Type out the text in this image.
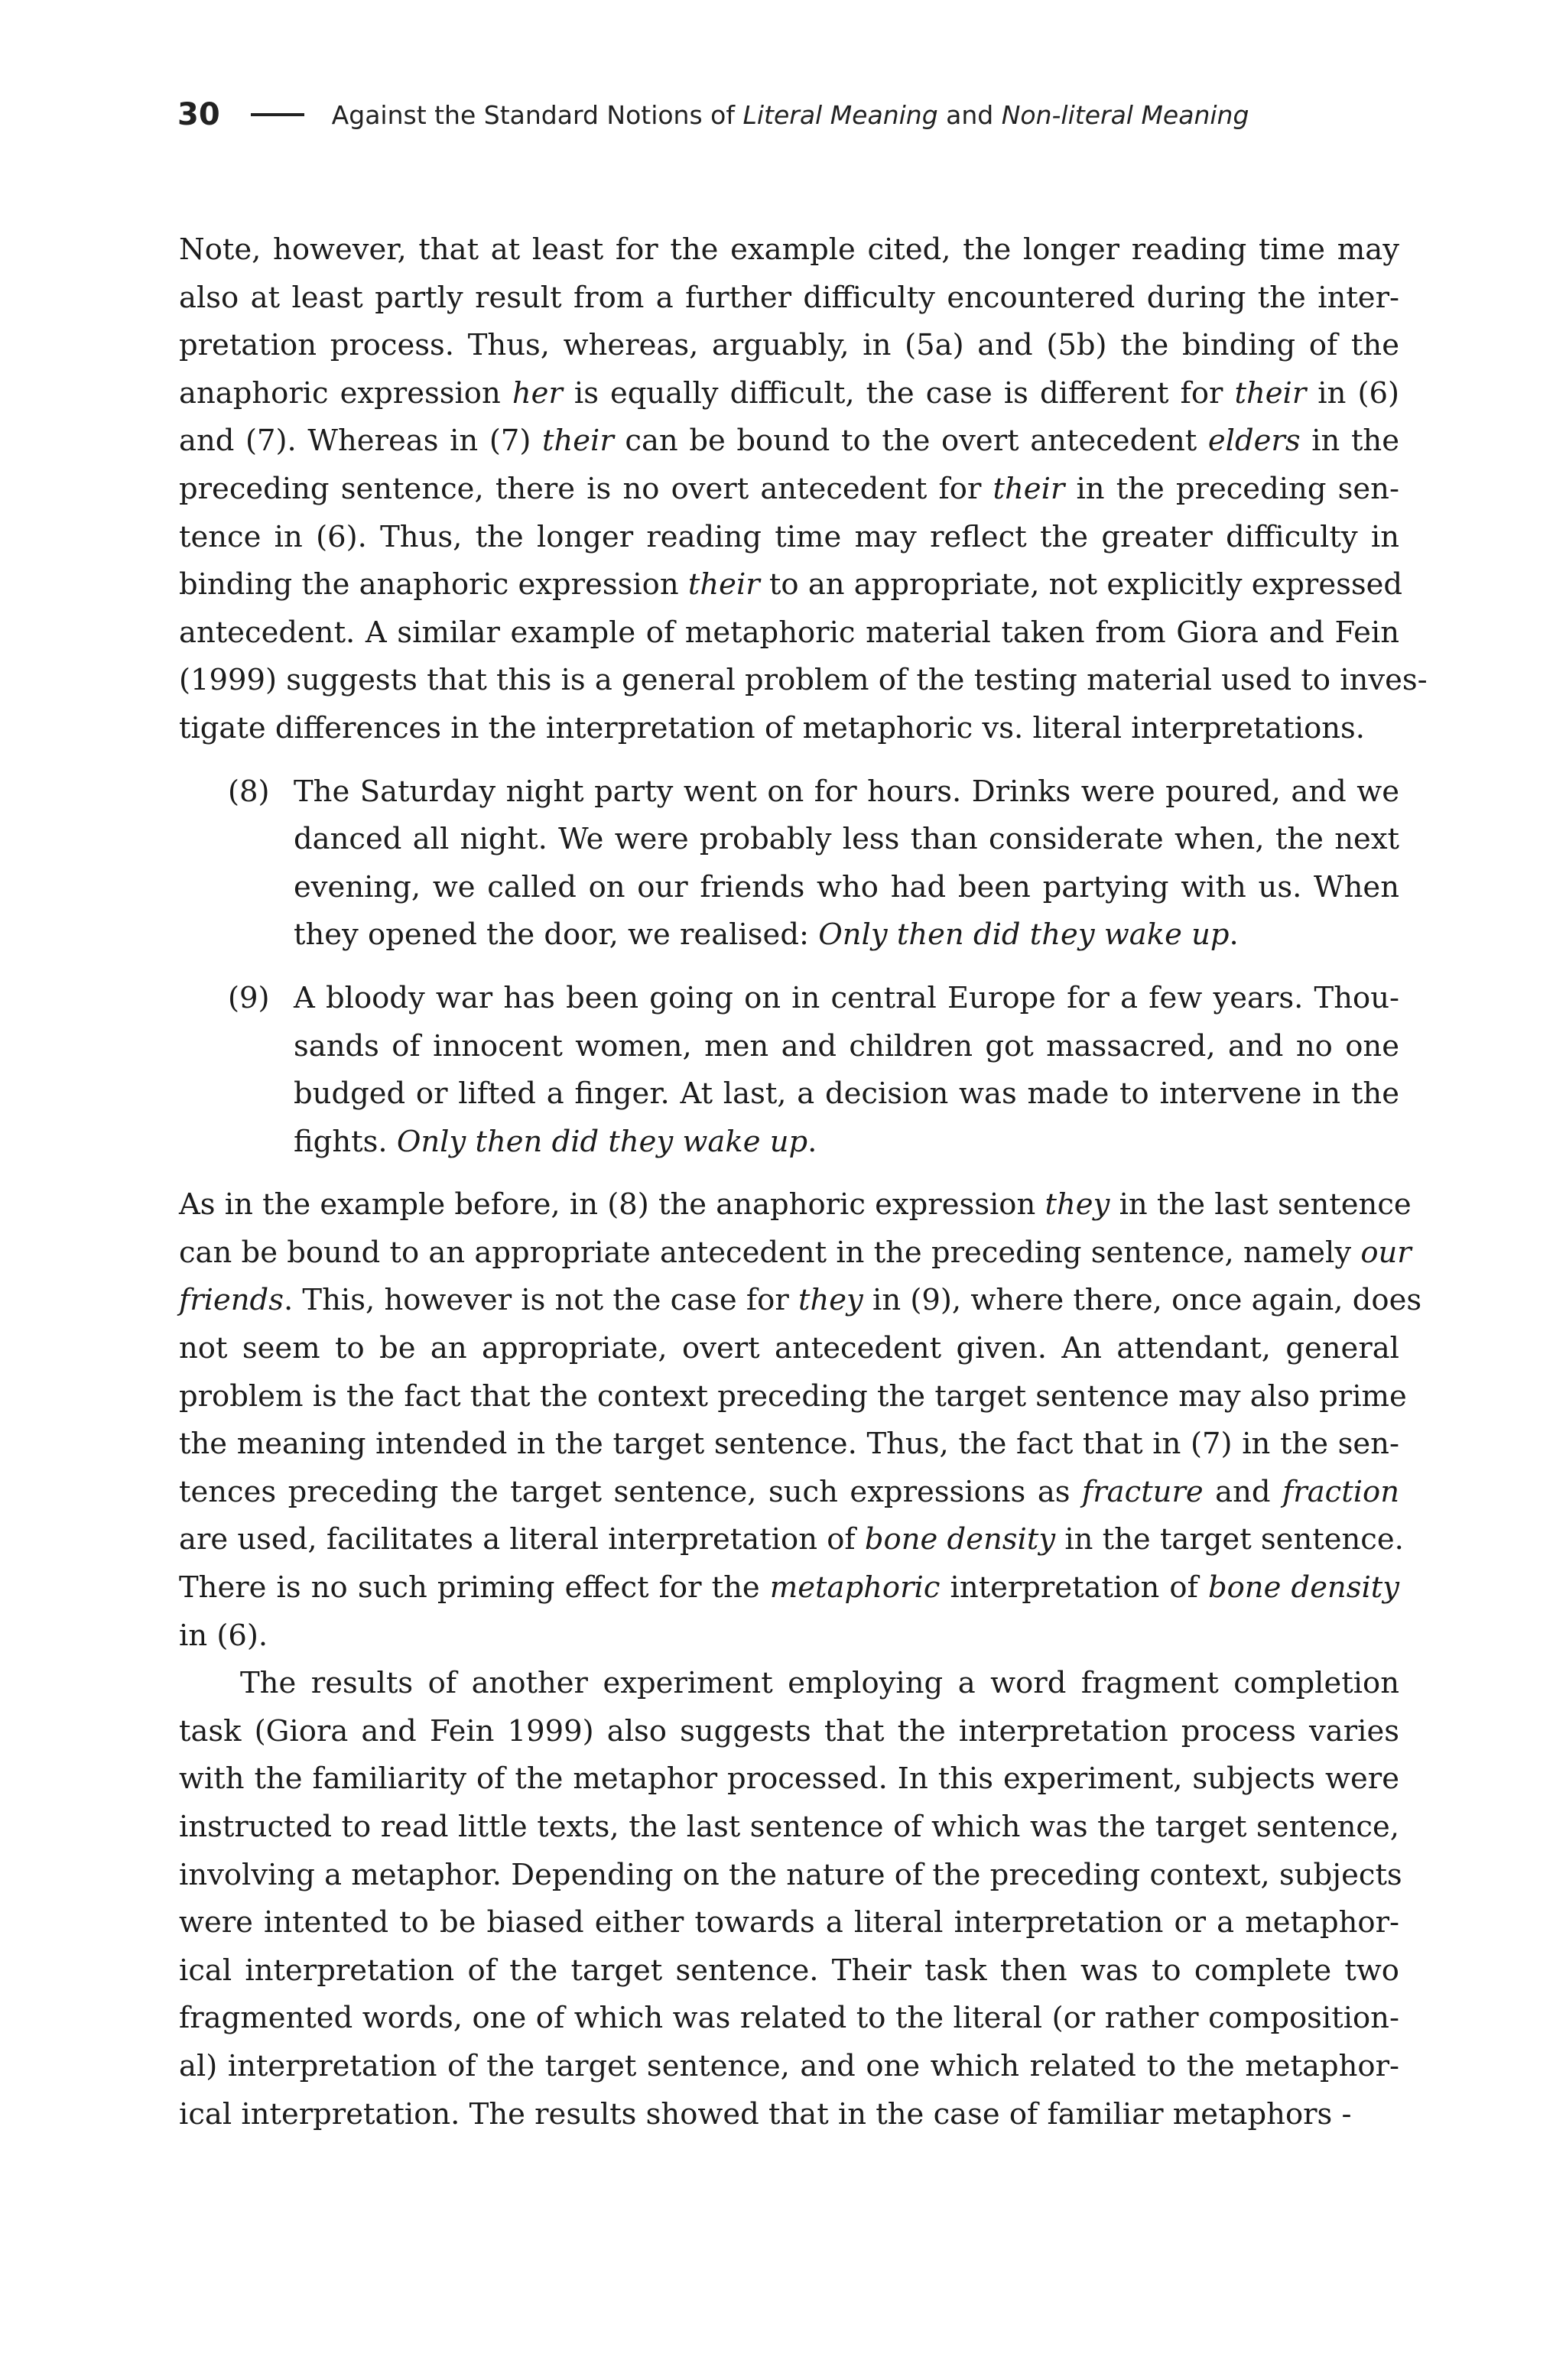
30	Against the Standard Notions of Literal Meaning and Non-literal Meaning
Note, however, that at least for the example cited, the longer reading time may
also at least partly result from a further difficulty encountered during the inter-
pretation process. Thus, whereas, arguably, in (5a) and (5b) the binding of the
anaphoric expression her is equally difficult, the case is different for their in (6)
and (7). Whereas in (7) their can be bound to the overt antecedent elders in the
preceding sentence, there is no overt antecedent for their in the preceding sen-
tence in (6). Thus, the longer reading time may reflect the greater difficulty in
binding the anaphoric expression their to an appropriate, not explicitly expressed
antecedent. A similar example of metaphoric material taken from Giora and Fein
(1999) suggests that this is a general problem of the testing material used to inves-
tigate differences in the interpretation of metaphoric vs. literal interpretations.
(8) The Saturday night party went on for hours. Drinks were poured, and we
danced all night. We were probably less than considerate when, the next
evening, we called on our friends who had been partying with us. When
they opened the door, we realised: Only then did they wake up.
(9) A bloody war has been going on in central Europe for a few years. Thou-
sands of innocent women, men and children got massacred, and no one
budged or lifted a finger. At last, a decision was made to intervene in the
fights. Only then did they wake up.
As in the example before, in (8) the anaphoric expression they in the last sentence
can be bound to an appropriate antecedent in the preceding sentence, namely our
friends. This, however is not the case for they in (9), where there, once again, does
not seem to be an appropriate, overt antecedent given. An attendant, general
problem is the fact that the context preceding the target sentence may also prime
the meaning intended in the target sentence. Thus, the fact that in (7) in the sen-
tences preceding the target sentence, such expressions as fracture and fraction
are used, facilitates a literal interpretation of bone density in the target sentence.
There is no such priming effect for the metaphoric interpretation of bone density
in (6).
The results of another experiment employing a word fragment completion
task (Giora and Fein 1999) also suggests that the interpretation process varies
with the familiarity of the metaphor processed. In this experiment, subjects were
instructed to read little texts, the last sentence of which was the target sentence,
involving a metaphor. Depending on the nature of the preceding context, subjects
were intented to be biased either towards a literal interpretation or a metaphor-
ical interpretation of the target sentence. Their task then was to complete two
fragmented words, one of which was related to the literal (or rather composition-
al) interpretation of the target sentence, and one which related to the metaphor-
ical interpretation. The results showed that in the case of familiar metaphors -
